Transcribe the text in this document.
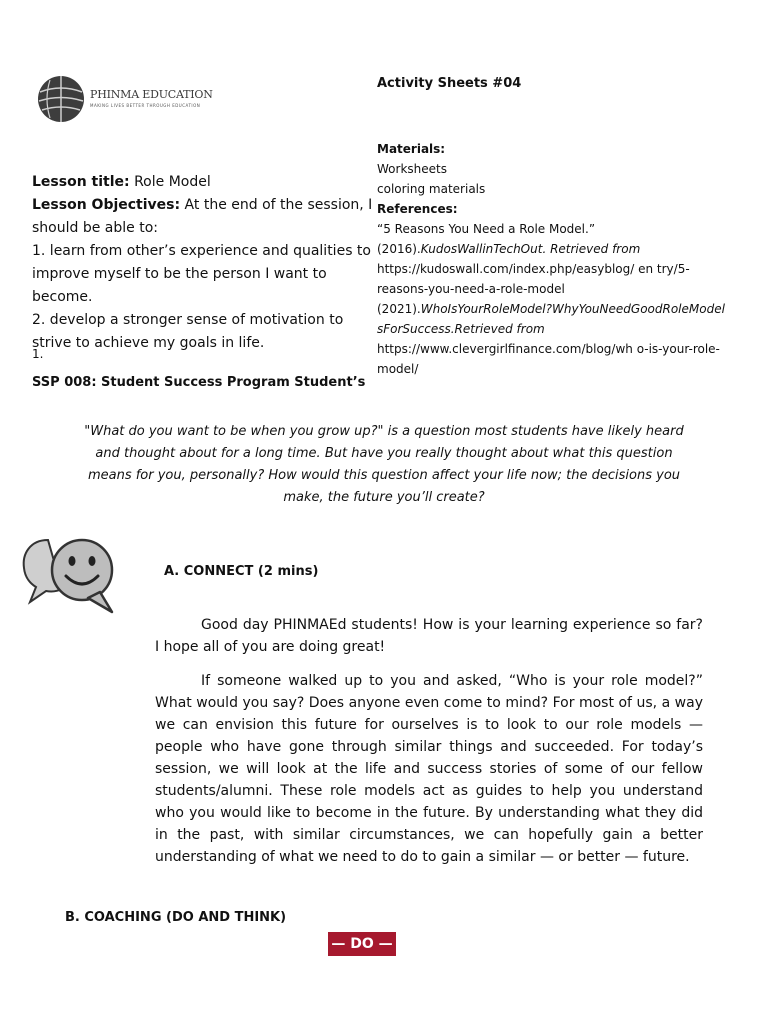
PHINMA EDUCATION
MAKING LIVES BETTER THROUGH EDUCATION
Activity Sheets #04
Materials:
Worksheets
coloring materials
References:
“5 Reasons You Need a Role Model.”
(2016).KudosWallinTechOut. Retrieved from
https://kudoswall.com/index.php/easyblog/ en try/5-reasons-you-need-a-role-model
(2021).WhoIsYourRoleModel?WhyYouNeedGoodRoleModelsForSuccess.Retrieved from
https://www.clevergirlfinance.com/blog/wh o-is-your-role-model/
Lesson title: Role Model
Lesson Objectives: At the end of the session, I should be able to:
1. learn from other’s experience and qualities to improve myself to be the person I want to become.
2. develop a stronger sense of motivation to strive to achieve my goals in life.
1.
SSP 008: Student Success Program Student’s
"What do you want to be when you grow up?" is a question most students have likely heard and thought about for a long time. But have you really thought about what this question means for you, personally? How would this question affect your life now; the decisions you make, the future you’ll create?
A. CONNECT (2 mins)

Good day PHINMAEd students! How is your learning experience so far? I hope all of you are doing great!

If someone walked up to you and asked, “Who is your role model?” What would you say? Does anyone even come to mind? For most of us, a way we can envision this future for ourselves is to look to our role models — people who have gone through similar things and succeeded. For today’s session, we will look at the life and success stories of some of our fellow students/alumni. These role models act as guides to help you understand who you would like to become in the future. By understanding what they did in the past, with similar circumstances, we can hopefully gain a better understanding of what we need to do to gain a similar — or better — future.

B. COACHING (DO AND THINK)
— DO —
